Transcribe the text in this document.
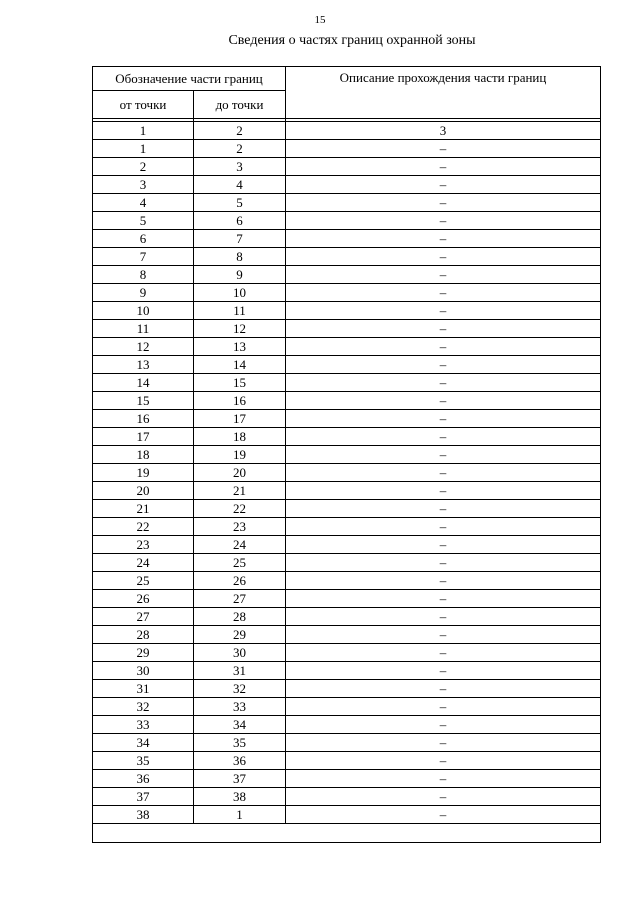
15
Сведения о частях границ охранной зоны
Обозначение части границ		Описание прохождения части границ
от точки	до точки	

1	2	3
1	2	–
2	3	–
3	4	–
4	5	–
5	6	–
6	7	–
7	8	–
8	9	–
9	10	–
10	11	–
11	12	–
12	13	–
13	14	–
14	15	–
15	16	–
16	17	–
17	18	–
18	19	–
19	20	–
20	21	–
21	22	–
22	23	–
23	24	–
24	25	–
25	26	–
26	27	–
27	28	–
28	29	–
29	30	–
30	31	–
31	32	–
32	33	–
33	34	–
34	35	–
35	36	–
36	37	–
37	38	–
38	1	–
